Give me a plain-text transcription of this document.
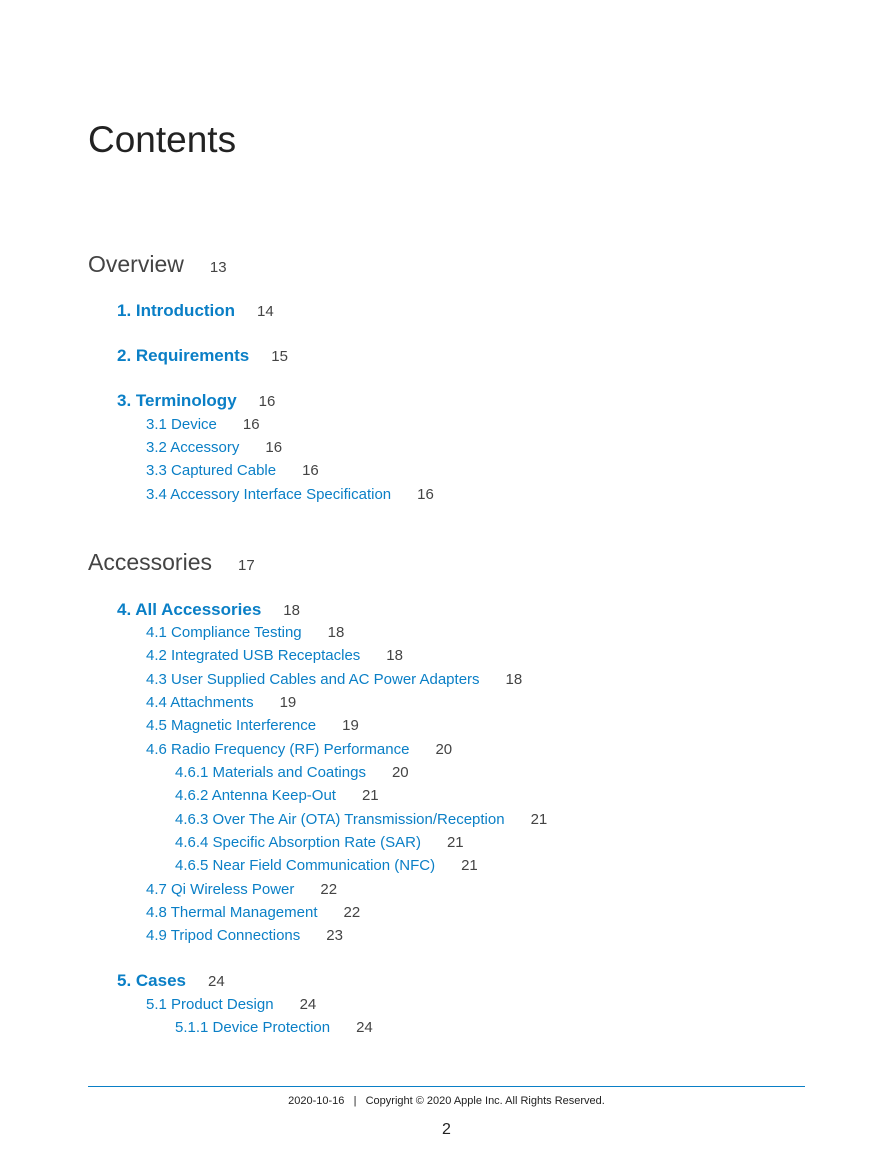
Contents
Overview 13
1. Introduction 14
2. Requirements 15
3. Terminology 16
3.1 Device 16
3.2 Accessory 16
3.3 Captured Cable 16
3.4 Accessory Interface Specification 16
Accessories 17
4. All Accessories 18
4.1 Compliance Testing 18
4.2 Integrated USB Receptacles 18
4.3 User Supplied Cables and AC Power Adapters 18
4.4 Attachments 19
4.5 Magnetic Interference 19
4.6 Radio Frequency (RF) Performance 20
4.6.1 Materials and Coatings 20
4.6.2 Antenna Keep-Out 21
4.6.3 Over The Air (OTA) Transmission/Reception 21
4.6.4 Specific Absorption Rate (SAR) 21
4.6.5 Near Field Communication (NFC) 21
4.7 Qi Wireless Power 22
4.8 Thermal Management 22
4.9 Tripod Connections 23
5. Cases 24
5.1 Product Design 24
5.1.1 Device Protection 24
2020-10-16   |   Copyright © 2020 Apple Inc. All Rights Reserved.
2
